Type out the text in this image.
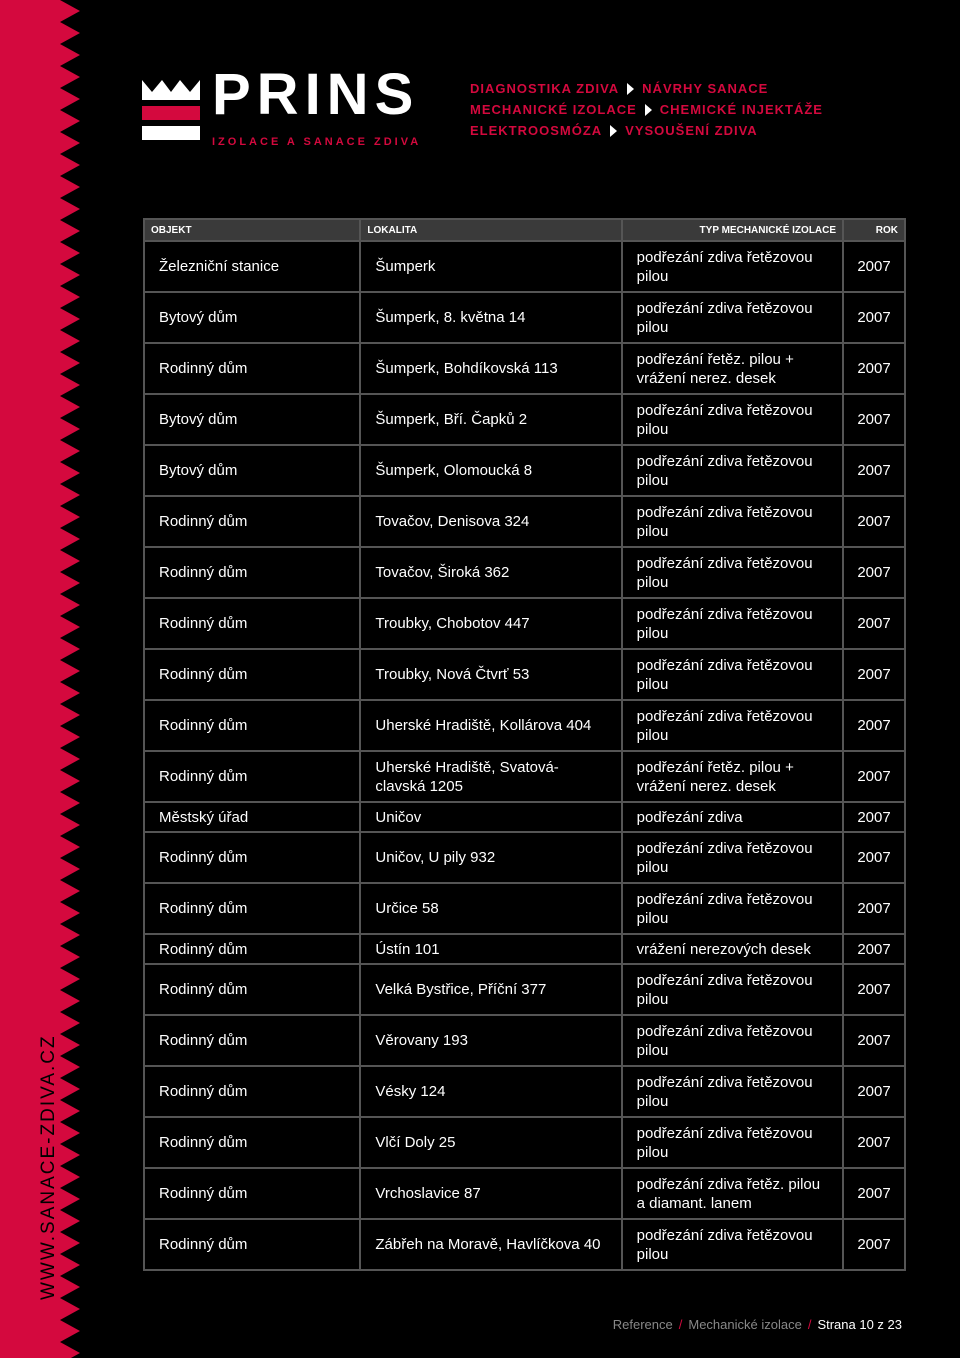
WWW.SANACE-ZDIVA.CZ
PRINS
IZOLACE A SANACE ZDIVA
DIAGNOSTIKA ZDIVA NÁVRHY SANACE
MECHANICKÉ IZOLACE CHEMICKÉ INJEKTÁŽE
ELEKTROOSMÓZA VYSOUŠENÍ ZDIVA
OBJEKT	LOKALITA	TYP MECHANICKÉ IZOLACE	ROK
Železniční stanice	Šumperk	podřezání zdiva řetězovou pilou	2007
Bytový dům	Šumperk, 8. května 14	podřezání zdiva řetězovou pilou	2007
Rodinný dům	Šumperk, Bohdíkovská 113	podřezání řetěz. pilou + vrážení nerez. desek	2007
Bytový dům	Šumperk, Bří. Čapků 2	podřezání zdiva řetězovou pilou	2007
Bytový dům	Šumperk, Olomoucká 8	podřezání zdiva řetězovou pilou	2007
Rodinný dům	Tovačov, Denisova 324	podřezání zdiva řetězovou pilou	2007
Rodinný dům	Tovačov, Široká 362	podřezání zdiva řetězovou pilou	2007
Rodinný dům	Troubky, Chobotov 447	podřezání zdiva řetězovou pilou	2007
Rodinný dům	Troubky, Nová Čtvrť 53	podřezání zdiva řetězovou pilou	2007
Rodinný dům	Uherské Hradiště, Kollárova 404	podřezání zdiva řetězovou pilou	2007
Rodinný dům	Uherské Hradiště, Svatová-clavská 1205	podřezání řetěz. pilou + vrážení nerez. desek	2007
Městský úřad	Uničov	podřezání zdiva	2007
Rodinný dům	Uničov, U pily 932	podřezání zdiva řetězovou pilou	2007
Rodinný dům	Určice 58	podřezání zdiva řetězovou pilou	2007
Rodinný dům	Ústín 101	vrážení nerezových desek	2007
Rodinný dům	Velká Bystřice, Příční 377	podřezání zdiva řetězovou pilou	2007
Rodinný dům	Věrovany 193	podřezání zdiva řetězovou pilou	2007
Rodinný dům	Vésky 124	podřezání zdiva řetězovou pilou	2007
Rodinný dům	Vlčí Doly 25	podřezání zdiva řetězovou pilou	2007
Rodinný dům	Vrchoslavice 87	podřezání zdiva řetěz. pilou a diamant. lanem	2007
Rodinný dům	Zábřeh na Moravě, Havlíčkova 40	podřezání zdiva řetězovou pilou	2007
Reference / Mechanické izolace / Strana 10 z 23
